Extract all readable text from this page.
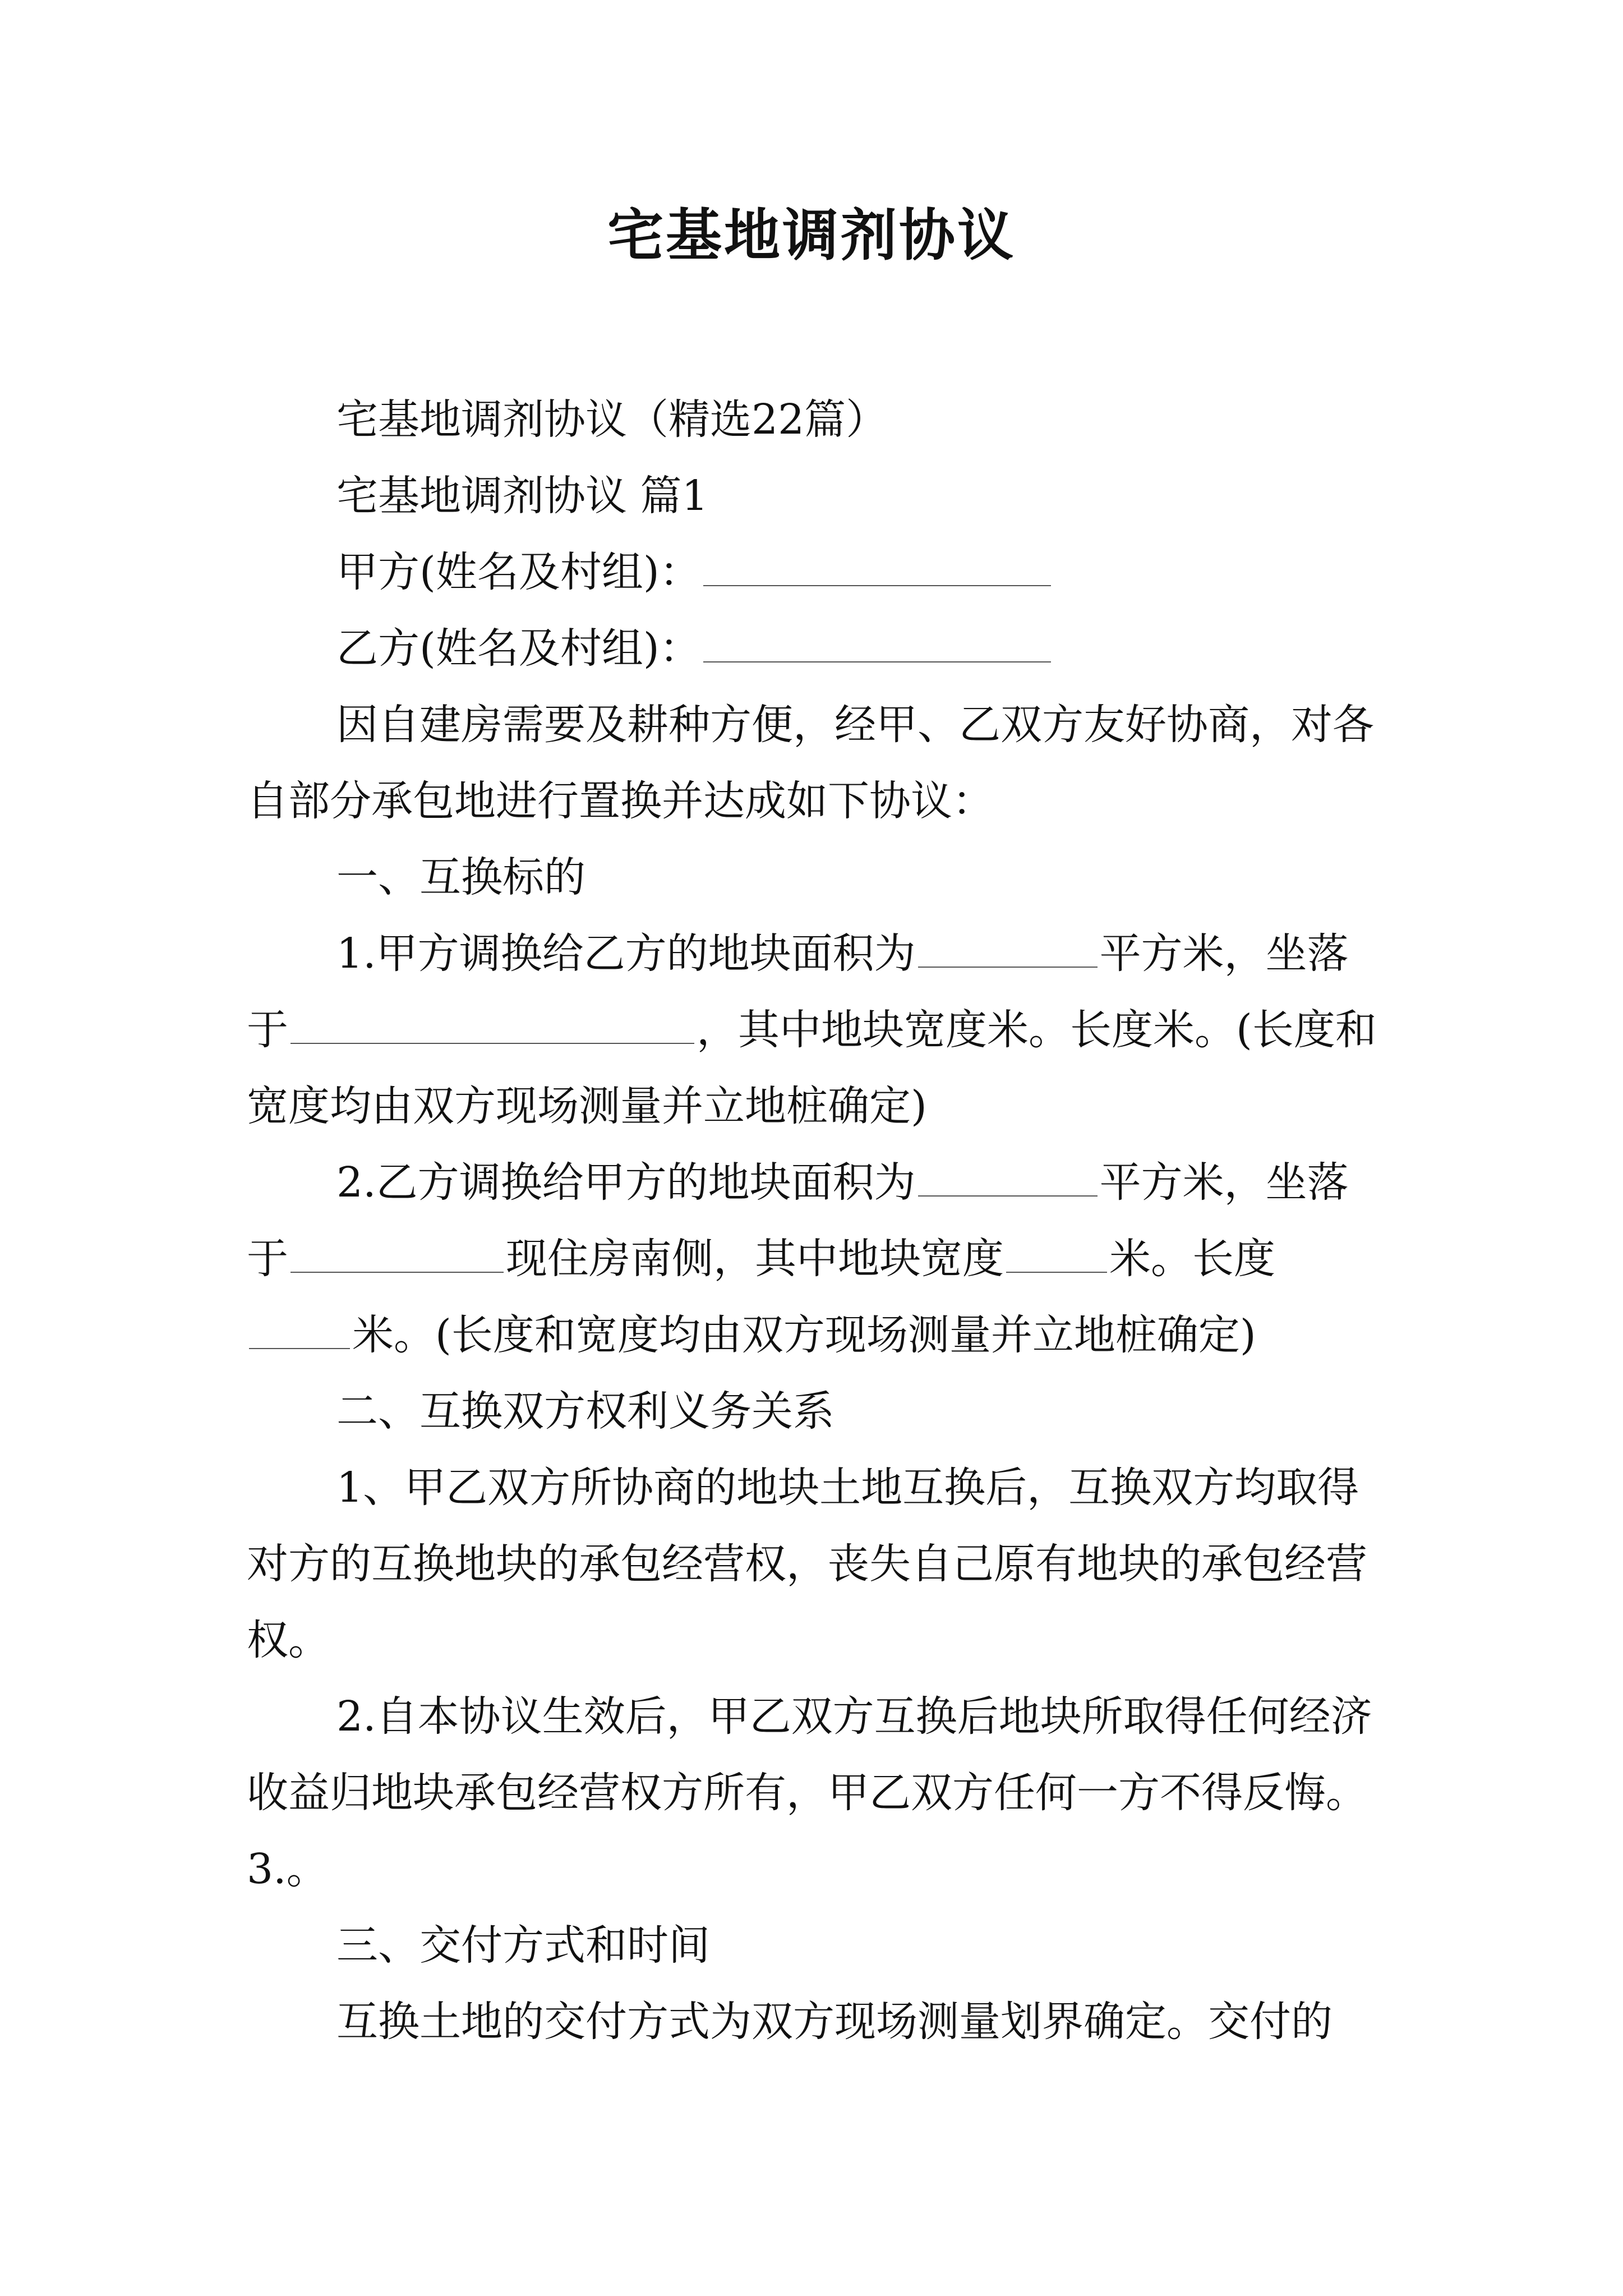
宅基地调剂协议

宅基地调剂协议（精选22篇）

宅基地调剂协议 篇1

甲方(姓名及村组)：

乙方(姓名及村组)：

因自建房需要及耕种方便，经甲、乙双方友好协商，对各自部分承包地进行置换并达成如下协议：

一、互换标的

1.甲方调换给乙方的地块面积为	平方米，坐落于	，其中地块宽度米。长度米。(长度和宽度均由双方现场测量并立地桩确定)

2.乙方调换给甲方的地块面积为	平方米，坐落于	现住房南侧，其中地块宽度	米。长度米。(长度和宽度均由双方现场测量并立地桩确定)

二、互换双方权利义务关系

1、甲乙双方所协商的地块土地互换后，互换双方均取得对方的互换地块的承包经营权，丧失自己原有地块的承包经营权。

2.自本协议生效后，甲乙双方互换后地块所取得任何经济收益归地块承包经营权方所有，甲乙双方任何一方不得反悔。3.。

三、交付方式和时间

互换土地的交付方式为双方现场测量划界确定。交付的
